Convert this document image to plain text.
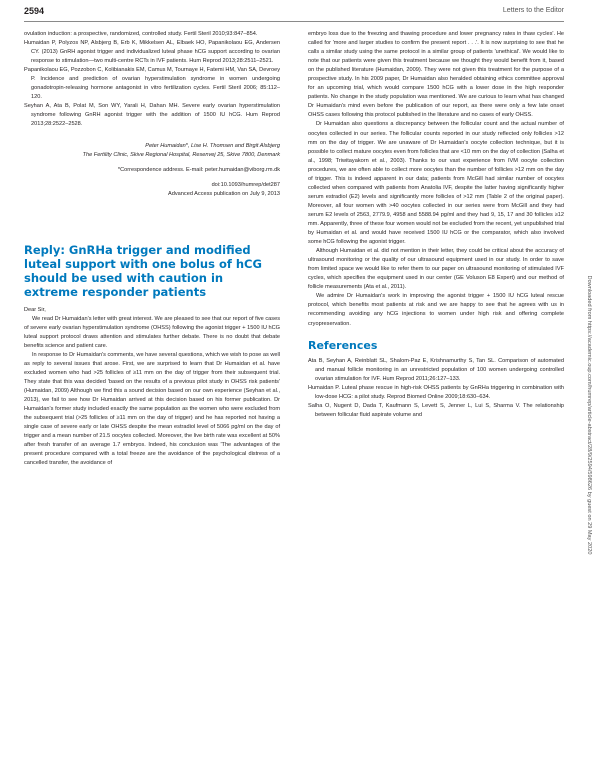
2594	Letters to the Editor

ovulation induction: a prospective, randomized, controlled study. Fertil Steril 2010;93:847–854.

Humaidan P, Polyzos NP, Alsbjerg B, Erb K, Mikkelsen AL, Elbaek HO, Papanikolaou EG, Andersen CY. (2013) GnRH agonist trigger and individualized luteal phase hCG support according to ovarian response to stimulation—two multi-centre RCTs in IVF patients. Hum Reprod 2013;28:2511–2521.

Papanikolaou EG, Pozzobon C, Kolibianakis EM, Camus M, Tournaye H, Fatemi HM, Van SA, Devroey P. Incidence and prediction of ovarian hyperstimulation syndrome in women undergoing gonadotropin-releasing hormone antagonist in vitro fertilization cycles. Fertil Steril 2006; 85:112–120.

Seyhan A, Ata B, Polat M, Son WY, Yarali H, Dahan MH. Severe early ovarian hyperstimulation syndrome following GnRH agonist trigger with the addition of 1500 IU hCG. Hum Reprod 2013;28:2522–2528.

Peter Humaidan*, Lise H. Thomsen and Birgit Alsbjerg

The Fertility Clinic, Skive Regional Hospital, Resenvej 25, Skive 7800, Denmark

*Correspondence address. E-mail: peter.humaidan@viborg.rm.dk

doi:10.1093/humrep/det287

Advanced Access publication on July 9, 2013

Reply: GnRHa trigger and modified luteal support with one bolus of hCG should be used with caution in extreme responder patients

Dear Sir,

We read Dr Humaidan's letter with great interest. We are pleased to see that our report of five cases of severe early ovarian hyperstimulation syndrome (OHSS) following the agonist trigger + 1500 IU hCG luteal support protocol draws attention and stimulates further debate. There is no doubt that debate benefits science and patient care.

In response to Dr Humaidan's comments, we have several questions, which we wish to pose as well as reply to several issues that arose. First, we are surprised to learn that Dr Humaidan et al. have excluded women who had >25 follicles of ≥11 mm on the day of trigger from their subsequent trial. They state that this was decided 'based on the results of a previous pilot study in OHSS risk patients' (Humaidan, 2009) Although we find this a sound decision based on our own experience (Seyhan et al., 2013), we fail to see how Dr Humaidan arrived at this decision based on his former publication. Dr Humaidan's former study included exactly the same population as the women who were excluded from the subsequent trial (>25 follicles of ≥11 mm on the day of trigger) and he has reported not having a single case of severe early or late OHSS despite the mean estradiol level of 5066 pg/ml on the day of trigger and a mean number of 21.5 oocytes collected. Moreover, the live birth rate was excellent at 50% after fresh transfer of an average 1.7 embryos. Indeed, his conclusion was 'The advantages of the present procedure compared with a total freeze are the avoidance of the psychological distress of a cancelled transfer, the avoidance of

embryo loss due to the freezing and thawing procedure and lower pregnancy rates in thaw cycles'. He called for 'more and larger studies to confirm the present report . . .'. It is now surprising to see that he calls a similar study using the same protocol in a similar group of patients 'unethical'. We would like to note that our patients were given this treatment because we thought they would benefit from it, based on the published literature (Humaidan, 2009). They were not given this treatment for the purpose of a prospective study. In his 2009 paper, Dr Humaidan also heralded obtaining ethics committee approval for an upcoming trial, which would compare 1500 hCG with a lower dose in the high responder patients. No change in the study population was mentioned. We are curious to learn what has changed Dr Humaidan's mind even before the publication of our report, as there were only a few late onset OHSS cases following this protocol published in the literature and no cases of early OHSS.

Dr Humaidan also questions a discrepancy between the follicular count and the actual number of oocytes collected in our series. The follicular counts reported in our study reflected only follicles >12 mm on the day of trigger. We are unaware of Dr Humaidan's oocyte collection technique, but it is possible to collect mature oocytes even from follicles that are <10 mm on the day of collection (Salha et al., 1998; Triwitayakorn et al., 2003). Thanks to our vast experience from IVM oocyte collection procedures, we are often able to collect more oocytes than the number of follicles >12 mm on the day of trigger. This is indeed apparent in our data; patients from McGill had similar number of oocytes collected when compared with patients from Anatolia IVF, despite the latter having significantly higher serum estradiol (E2) levels and significantly more follicles of >12 mm (Table 2 of the original paper). Moreover, all four women with >40 oocytes collected in our series were from McGill and they had serum E2 levels of 2563, 2779.9, 4958 and 5588.94 pg/ml and they had 9, 15, 17 and 30 follicles ≥12 mm. Apparently, three of these four women would not be excluded from the recent, yet unpublished trial by Humaidan et al. and would have received 1500 IU hCG or the comparator, which also involved some hCG following the agonist trigger.

Although Humaidan et al. did not mention in their letter, they could be critical about the accuracy of ultrasound monitoring or the quality of our ultrasound equipment used in our study. In order to save from limited space we would like to refer them to our paper on ultrasound monitoring of stimulated IVF cycles, which specifies the equipment used in our center (GE Voluson E8 Expert) and our method of follicle measurements (Ata et al., 2011).

We admire Dr Humaidan's work in improving the agonist trigger + 1500 IU hCG luteal rescue protocol, which benefits most patients at risk and we are happy to see that he agrees with us in recommending avoiding any hCG injections to women under high risk and offering complete cryopreservation.

References

Ata B, Seyhan A, Reinblatt SL, Shalom-Paz E, Krishnamurthy S, Tan SL. Comparison of automated and manual follicle monitoring in an unrestricted population of 100 women undergoing controlled ovarian stimulation for IVF. Hum Reprod 2011;26:127–133.

Humaidan P. Luteal phase rescue in high-risk OHSS patients by GnRHa triggering in combination with low-dose HCG: a pilot study. Reprod Biomed Online 2009;18:630–634.

Salha O, Nugent D, Dada T, Kaufmann S, Levett S, Jenner L, Lui S, Sharma V. The relationship between follicular fluid aspirate volume and	Downloaded from https://academic.oup.com/humrep/article-abstract/28/9/2594/598626 by guest on 29 May 2020
